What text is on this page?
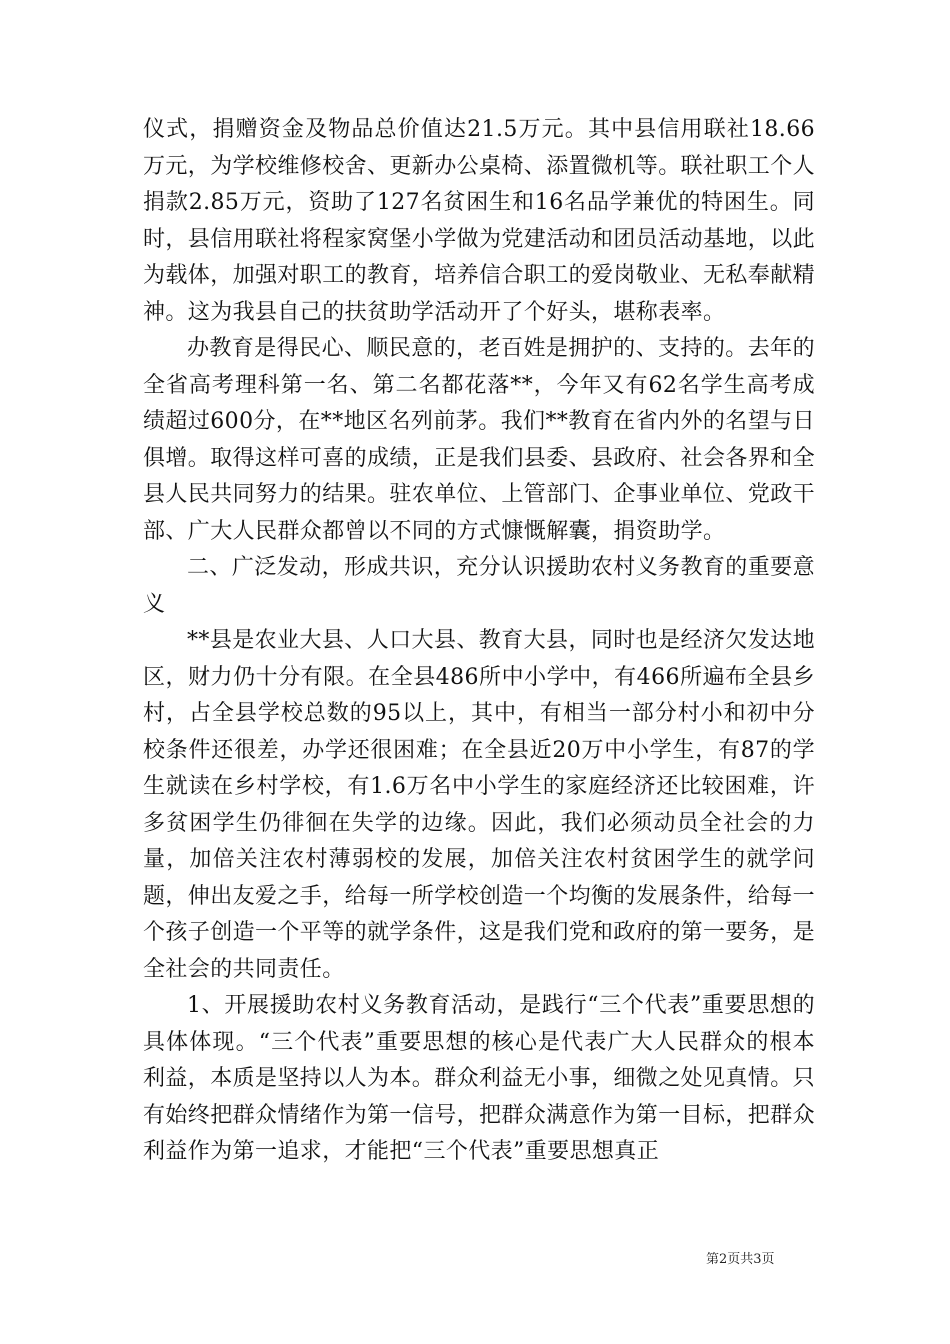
仪式，捐赠资金及物品总价值达21.5万元。其中县信用联社18.66万元，为学校维修校舍、更新办公桌椅、添置微机等。联社职工个人捐款2.85万元，资助了127名贫困生和16名品学兼优的特困生。同时，县信用联社将程家窝堡小学做为党建活动和团员活动基地，以此为载体，加强对职工的教育，培养信合职工的爱岗敬业、无私奉献精神。这为我县自己的扶贫助学活动开了个好头，堪称表率。

办教育是得民心、顺民意的，老百姓是拥护的、支持的。去年的全省高考理科第一名、第二名都花落**，今年又有62名学生高考成绩超过600分，在**地区名列前茅。我们**教育在省内外的名望与日俱增。取得这样可喜的成绩，正是我们县委、县政府、社会各界和全县人民共同努力的结果。驻农单位、上管部门、企事业单位、党政干部、广大人民群众都曾以不同的方式慷慨解囊，捐资助学。

二、广泛发动，形成共识，充分认识援助农村义务教育的重要意义

**县是农业大县、人口大县、教育大县，同时也是经济欠发达地区，财力仍十分有限。在全县486所中小学中，有466所遍布全县乡村，占全县学校总数的95以上，其中，有相当一部分村小和初中分校条件还很差，办学还很困难；在全县近20万中小学生，有87的学生就读在乡村学校，有1.6万名中小学生的家庭经济还比较困难，许多贫困学生仍徘徊在失学的边缘。因此，我们必须动员全社会的力量，加倍关注农村薄弱校的发展，加倍关注农村贫困学生的就学问题，伸出友爱之手，给每一所学校创造一个均衡的发展条件，给每一个孩子创造一个平等的就学条件，这是我们党和政府的第一要务，是全社会的共同责任。

1、开展援助农村义务教育活动，是践行“三个代表”重要思想的具体体现。“三个代表”重要思想的核心是代表广大人民群众的根本利益，本质是坚持以人为本。群众利益无小事，细微之处见真情。只有始终把群众情绪作为第一信号，把群众满意作为第一目标，把群众利益作为第一追求，才能把“三个代表”重要思想真正

第2页共3页
